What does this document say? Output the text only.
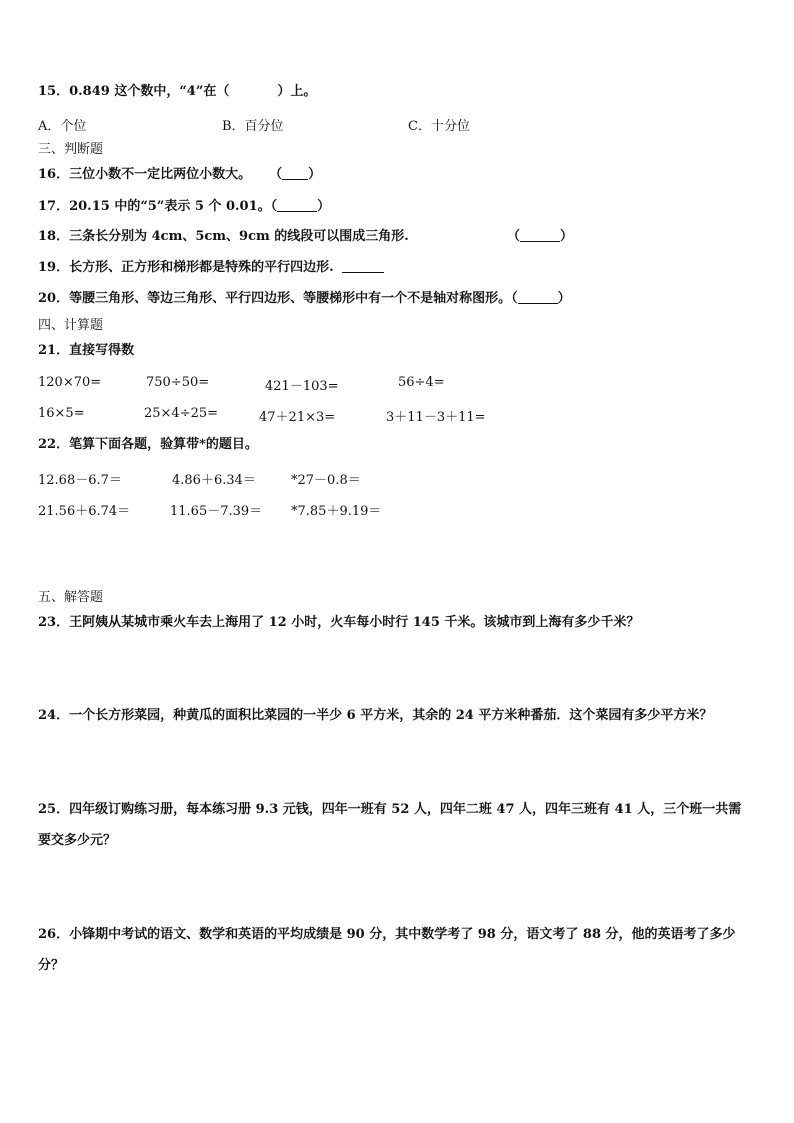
15．0.849 这个数中，“4”在（	）上。
A．个位	B．百分位	C．十分位
三、判断题
16．三位小数不一定比两位小数大。 （ ）
17．20.15 中的“5”表示 5 个 0.01。（	）
18．三条长分别为 4cm、5cm、9cm 的线段可以围成三角形.	（	）
19．长方形、正方形和梯形都是特殊的平行四边形.
20．等腰三角形、等边三角形、平行四边形、等腰梯形中有一个不是轴对称图形。（	）
四、计算题
21．直接写得数
120×70=	750÷50=	421－103=	56÷4=
16×5=	25×4÷25=	47＋21×3=	3＋11－3＋11=
22．笔算下面各题，验算带*的题目。
12.68－6.7＝	4.86＋6.34＝	*27－0.8＝
21.56＋6.74＝	11.65－7.39＝ *7.85＋9.19＝
五、解答题
23．王阿姨从某城市乘火车去上海用了 12 小时，火车每小时行 145 千米。该城市到上海有多少千米？
24．一个长方形菜园，种黄瓜的面积比菜园的一半少 6 平方米，其余的 24 平方米种番茄．这个菜园有多少平方米？
25．四年级订购练习册，每本练习册 9.3 元钱，四年一班有 52 人，四年二班 47 人，四年三班有 41 人，三个班一共需
要交多少元？
26．小锋期中考试的语文、数学和英语的平均成绩是 90 分，其中数学考了 98 分，语文考了 88 分，他的英语考了多少
分？
